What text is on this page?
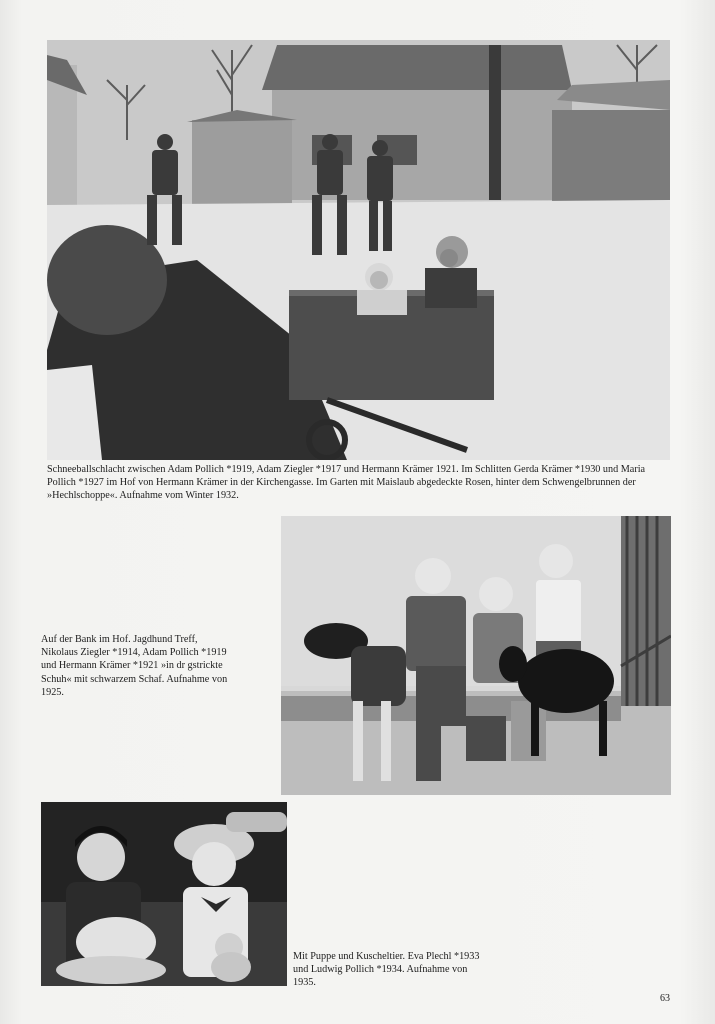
Schneeballschlacht zwischen Adam Pollich *1919, Adam Ziegler *1917 und Hermann Krämer 1921. Im Schlitten Gerda Krämer *1930 und Maria Pollich *1927 im Hof von Hermann Krämer in der Kirchengasse. Im Garten mit Maislaub abgedeckte Rosen, hinter dem Schwengelbrunnen der »Hechlschoppe«. Aufnahme vom Winter 1932.

Auf der Bank im Hof. Jagdhund Treff, Nikolaus Ziegler *1914, Adam Pollich *1919 und Hermann Krämer *1921 »in dr gstrickte Schuh« mit schwarzem Schaf. Aufnahme von 1925.

Mit Puppe und Kuscheltier. Eva Plechl *1933 und Ludwig Pollich *1934. Aufnahme von 1935.

63
